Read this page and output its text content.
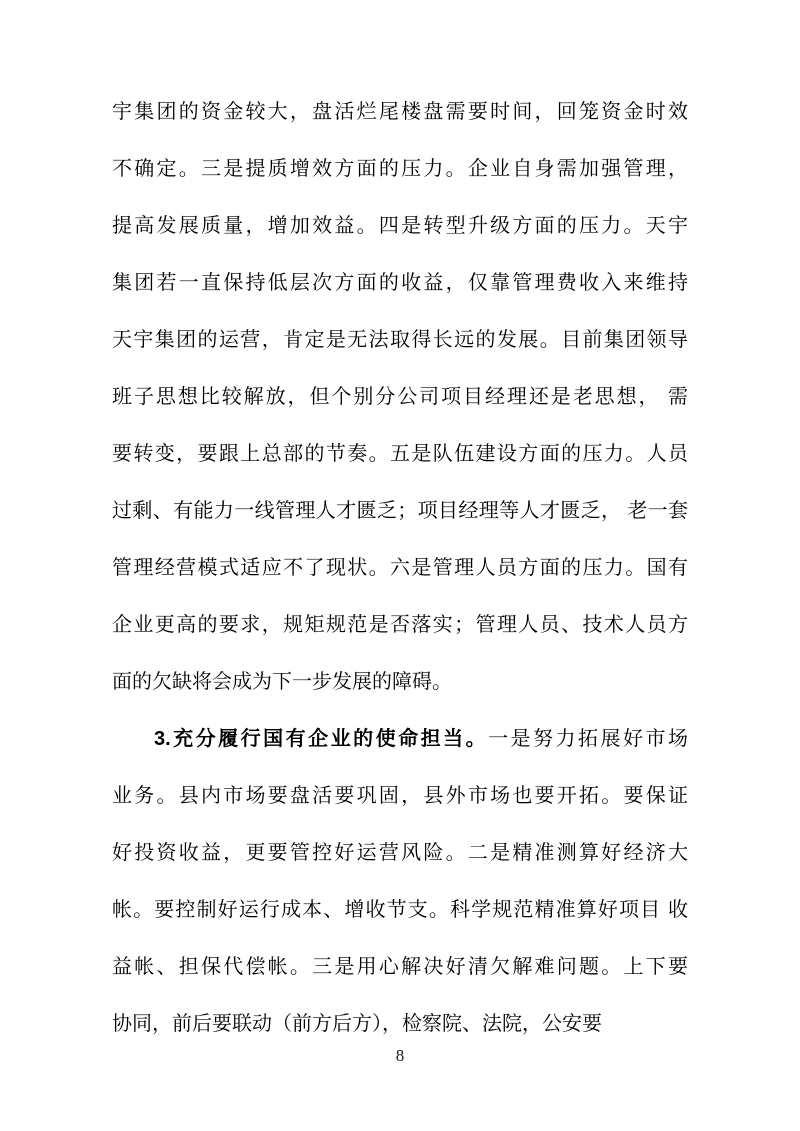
宇集团的资金较大，盘活烂尾楼盘需要时间，回笼资金时效
不确定。三是提质增效方面的压力。企业自身需加强管理，
提高发展质量，增加效益。四是转型升级方面的压力。天宇
集团若一直保持低层次方面的收益，仅靠管理费收入来维持
天宇集团的运营，肯定是无法取得长远的发展。目前集团领导
班子思想比较解放，但个别分公司项目经理还是老思想， 需
要转变，要跟上总部的节奏。五是队伍建设方面的压力。人员
过剩、有能力一线管理人才匮乏；项目经理等人才匮乏， 老一套
管理经营模式适应不了现状。六是管理人员方面的压力。国有
企业更高的要求，规矩规范是否落实；管理人员、技术人员方
面的欠缺将会成为下一步发展的障碍。
3.充分履行国有企业的使命担当。一是努力拓展好市场
业务。县内市场要盘活要巩固，县外市场也要开拓。要保证
好投资收益，更要管控好运营风险。二是精准测算好经济大
帐。要控制好运行成本、增收节支。科学规范精准算好项目 收
益帐、担保代偿帐。三是用心解决好清欠解难问题。上下要
协同，前后要联动（前方后方），检察院、法院，公安要
8
